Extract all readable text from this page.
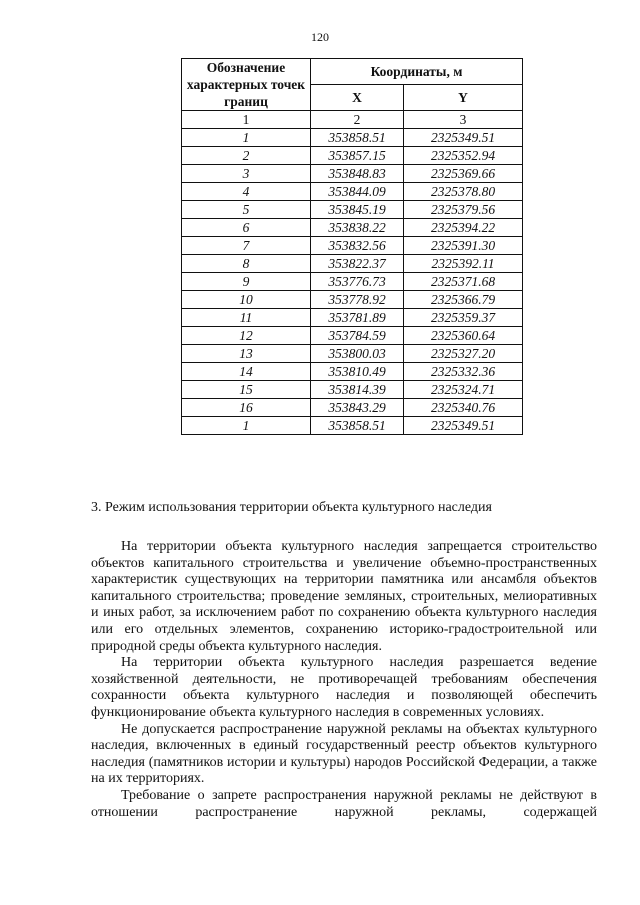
120
Обозначение характерных точек границ	Координаты, м	
	X	Y
1	2	3
1	353858.51	2325349.51
2	353857.15	2325352.94
3	353848.83	2325369.66
4	353844.09	2325378.80
5	353845.19	2325379.56
6	353838.22	2325394.22
7	353832.56	2325391.30
8	353822.37	2325392.11
9	353776.73	2325371.68
10	353778.92	2325366.79
11	353781.89	2325359.37
12	353784.59	2325360.64
13	353800.03	2325327.20
14	353810.49	2325332.36
15	353814.39	2325324.71
16	353843.29	2325340.76
1	353858.51	2325349.51
3. Режим использования территории объекта культурного наследия

На территории объекта культурного наследия запрещается строительство объектов капитального строительства и увеличение объемно-пространственных характеристик существующих на территории памятника или ансамбля объектов капитального строительства; проведение земляных, строительных, мелиоративных и иных работ, за исключением работ по сохранению объекта культурного наследия или его отдельных элементов, сохранению историко-градостроительной или природной среды объекта культурного наследия.

На территории объекта культурного наследия разрешается ведение хозяйственной деятельности, не противоречащей требованиям обеспечения сохранности объекта культурного наследия и позволяющей обеспечить функционирование объекта культурного наследия в современных условиях.

Не допускается распространение наружной рекламы на объектах культурного наследия, включенных в единый государственный реестр объектов культурного наследия (памятников истории и культуры) народов Российской Федерации, а также на их территориях.

Требование о запрете распространения наружной рекламы не действуют в отношении распространение наружной рекламы, содержащей
